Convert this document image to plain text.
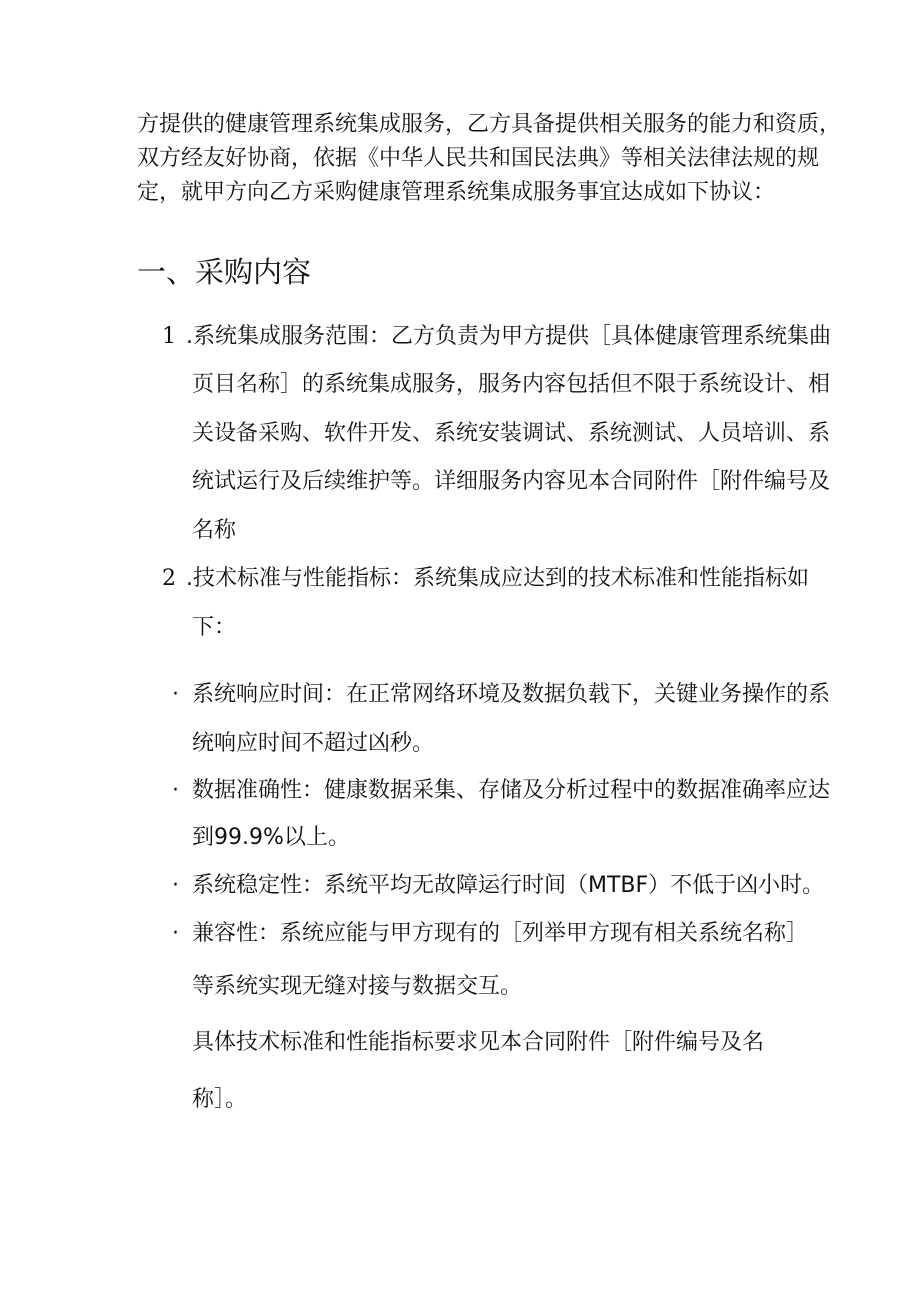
方提供的健康管理系统集成服务，乙方具备提供相关服务的能力和资质，
双方经友好协商，依据《中华人民共和国民法典》等相关法律法规的规
定，就甲方向乙方采购健康管理系统集成服务事宜达成如下协议：
一、采购内容
1 .系统集成服务范围：乙方负责为甲方提供［具体健康管理系统集曲
页目名称］的系统集成服务，服务内容包括但不限于系统设计、相
关设备采购、软件开发、系统安装调试、系统测试、人员培训、系
统试运行及后续维护等。详细服务内容见本合同附件［附件编号及
名称
2 .技术标准与性能指标：系统集成应达到的技术标准和性能指标如
下：
· 系统响应时间：在正常网络环境及数据负载下，关键业务操作的系
统响应时间不超过凶秒。
· 数据准确性：健康数据采集、存储及分析过程中的数据准确率应达
到99.9%以上。
· 系统稳定性：系统平均无故障运行时间（MTBF）不低于凶小时。
· 兼容性：系统应能与甲方现有的［列举甲方现有相关系统名称］
等系统实现无缝对接与数据交互。
具体技术标准和性能指标要求见本合同附件［附件编号及名
称］。
